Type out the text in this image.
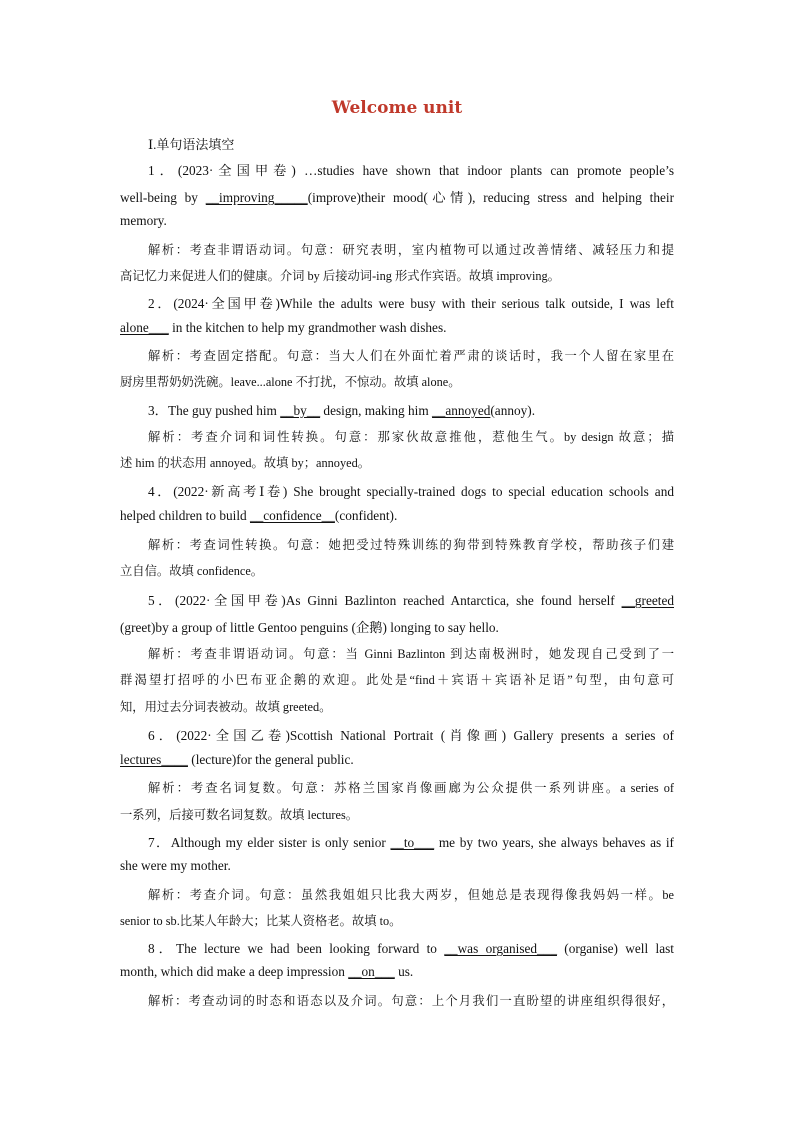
Welcome unit
Ⅰ.单句语法填空
1．(2023·全国甲卷) …studies have shown that indoor plants can promote people’s
well-being by __improving_____(improve)their mood(心情), reducing stress and helping their
memory.
解析：考查非谓语动词。句意：研究表明，室内植物可以通过改善情绪、减轻压力和提
高记忆力来促进人们的健康。介词 by 后接动词-ing 形式作宾语。故填 improving。
2．(2024·全国甲卷)While the adults were busy with their serious talk outside, I was left
alone___ in the kitchen to help my grandmother wash dishes.
解析：考查固定搭配。句意：当大人们在外面忙着严肃的谈话时，我一个人留在家里在
厨房里帮奶奶洗碗。leave...alone 不打扰，不惊动。故填 alone。
3．The guy pushed him __by__ design, making him __annoyed(annoy).
解析：考查介词和词性转换。句意：那家伙故意推他，惹他生气。by design 故意；描
述 him 的状态用 annoyed。故填 by；annoyed。
4．(2022·新高考Ⅰ卷) She brought specially-trained dogs to special education schools and
helped children to build __confidence__(confident).
解析：考查词性转换。句意：她把受过特殊训练的狗带到特殊教育学校，帮助孩子们建
立自信。故填 confidence。
5．(2022·全国甲卷)As Ginni Bazlinton reached Antarctica, she found herself __greeted
(greet)by a group of little Gentoo penguins (企鹅) longing to say hello.
解析：考查非谓语动词。句意：当 Ginni Bazlinton 到达南极洲时，她发现自己受到了一
群渴望打招呼的小巴布亚企鹅的欢迎。此处是“find＋宾语＋宾语补足语”句型，由句意可
知，用过去分词表被动。故填 greeted。
6．(2022·全国乙卷)Scottish National Portrait (肖像画) Gallery presents a series of
lectures____ (lecture)for the general public.
解析：考查名词复数。句意：苏格兰国家肖像画廊为公众提供一系列讲座。a series of
一系列，后接可数名词复数。故填 lectures。
7．Although my elder sister is only senior __to___ me by two years, she always behaves as if
she were my mother.
解析：考查介词。句意：虽然我姐姐只比我大两岁，但她总是表现得像我妈妈一样。be
senior to sb.比某人年龄大；比某人资格老。故填 to。
8．The lecture we had been looking forward to __was organised___ (organise) well last
month, which did make a deep impression __on___ us.
解析：考查动词的时态和语态以及介词。句意：上个月我们一直盼望的讲座组织得很好，
